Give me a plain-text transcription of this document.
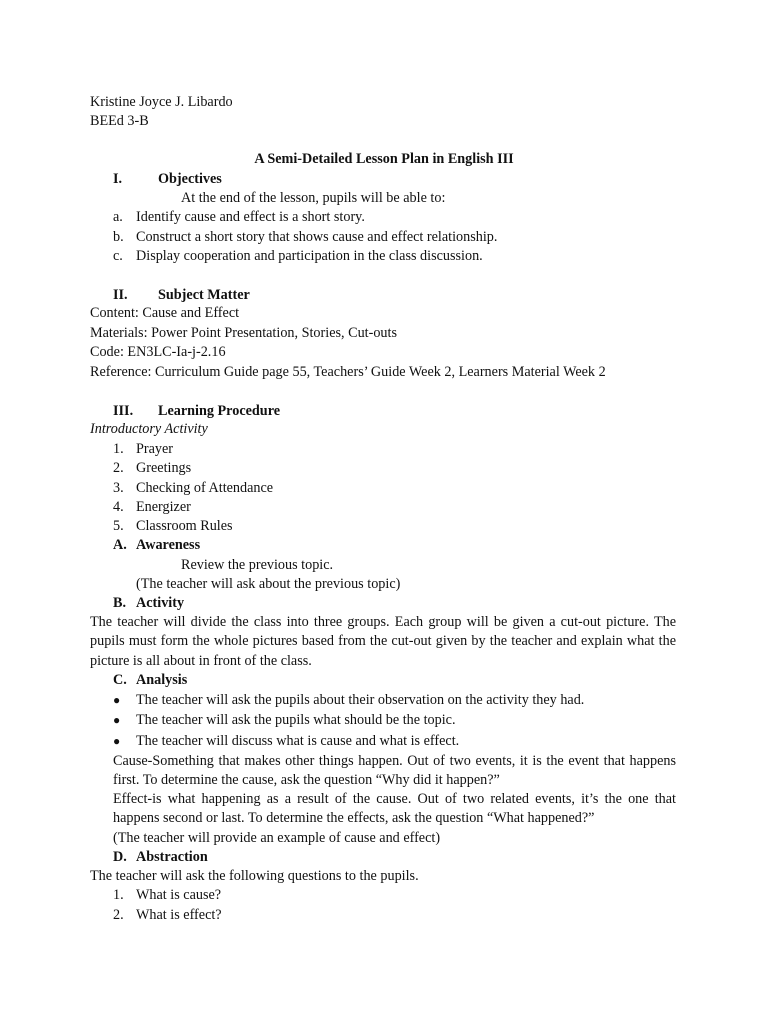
Kristine Joyce J. Libardo
BEEd 3-B
A Semi-Detailed Lesson Plan in English III
I.	Objectives
At the end of the lesson, pupils will be able to:
a. Identify cause and effect is a short story.
b. Construct a short story that shows cause and effect relationship.
c. Display cooperation and participation in the class discussion.
II. Subject Matter
Content: Cause and Effect
Materials: Power Point Presentation, Stories, Cut-outs
Code: EN3LC-Ia-j-2.16
Reference: Curriculum Guide page 55, Teachers’ Guide Week 2, Learners Material Week 2
III. Learning Procedure
Introductory Activity
1. Prayer
2. Greetings
3. Checking of Attendance
4. Energizer
5. Classroom Rules
A. Awareness
Review the previous topic.
(The teacher will ask about the previous topic)
B. Activity
The teacher will divide the class into three groups. Each group will be given a cut-out picture. The pupils must form the whole pictures based from the cut-out given by the teacher and explain what the picture is all about in front of the class.
C. Analysis
● The teacher will ask the pupils about their observation on the activity they had.
● The teacher will ask the pupils what should be the topic.
● The teacher will discuss what is cause and what is effect.
Cause-Something that makes other things happen. Out of two events, it is the event that happens first. To determine the cause, ask the question “Why did it happen?”
Effect-is what happening as a result of the cause. Out of two related events, it’s the one that happens second or last. To determine the effects, ask the question “What happened?”
(The teacher will provide an example of cause and effect)
D. Abstraction
The teacher will ask the following questions to the pupils.
1. What is cause?
2. What is effect?
